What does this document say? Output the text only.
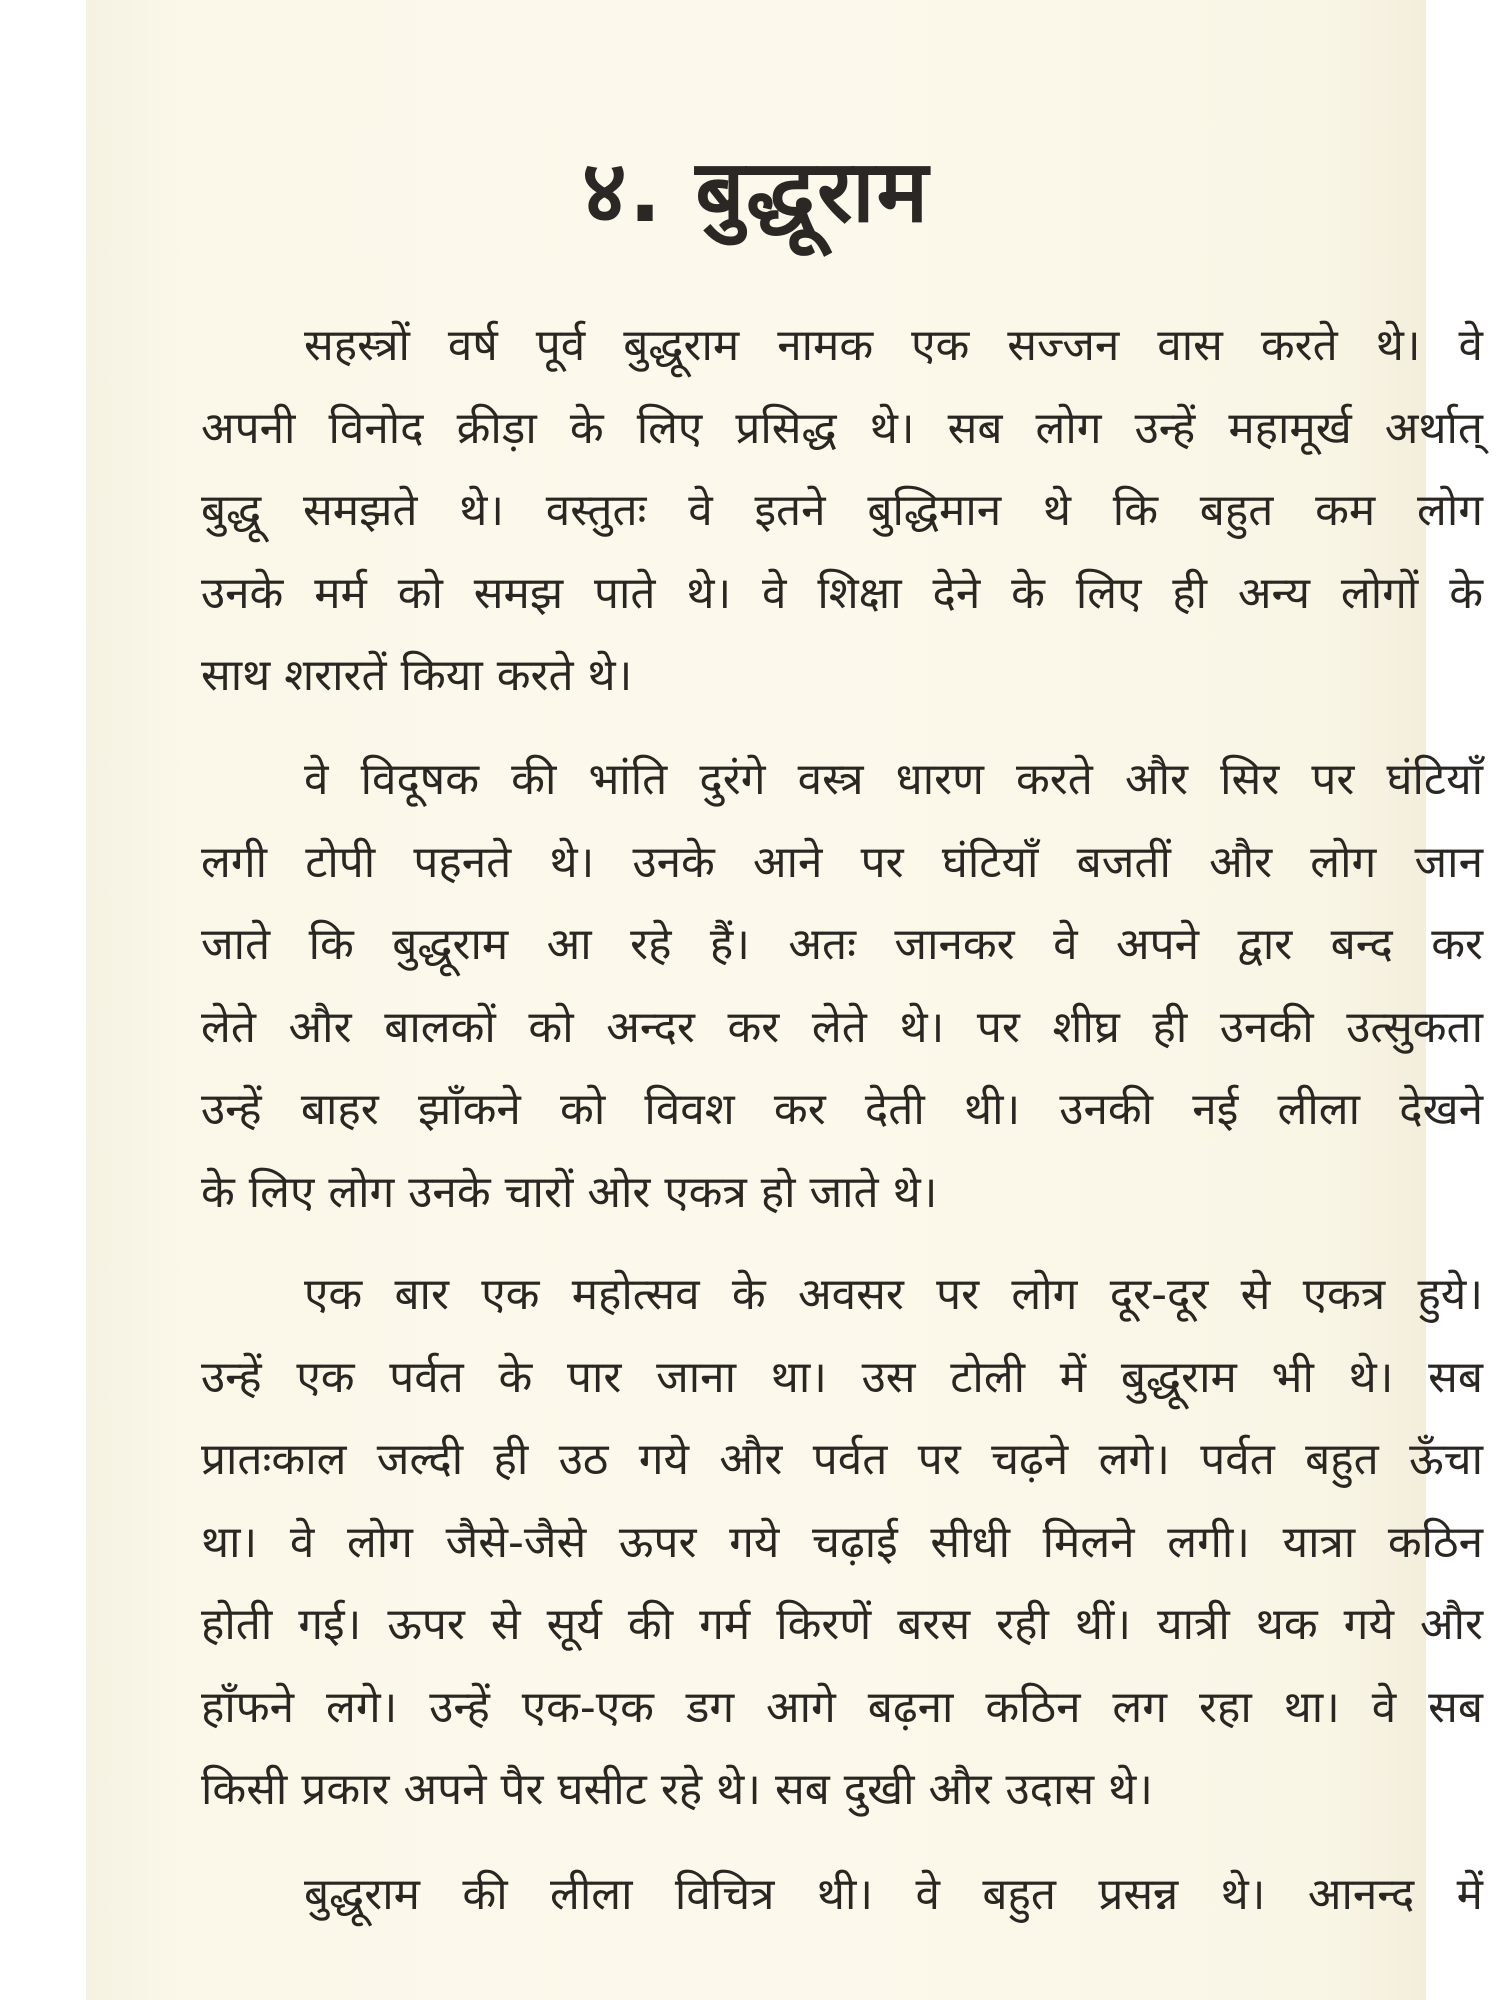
४. बुद्धूराम
सहस्त्रों वर्ष पूर्व बुद्धूराम नामक एक सज्जन वास करते थे। वे
अपनी विनोद क्रीड़ा के लिए प्रसिद्ध थे। सब लोग उन्हें महामूर्ख अर्थात्
बुद्धू समझते थे। वस्तुतः वे इतने बुद्धिमान थे कि बहुत कम लोग
उनके मर्म को समझ पाते थे। वे शिक्षा देने के लिए ही अन्य लोगों के
साथ शरारतें किया करते थे।
वे विदूषक की भांति दुरंगे वस्त्र धारण करते और सिर पर घंटियाँ
लगी टोपी पहनते थे। उनके आने पर घंटियाँ बजतीं और लोग जान
जाते कि बुद्धूराम आ रहे हैं। अतः जानकर वे अपने द्वार बन्द कर
लेते और बालकों को अन्दर कर लेते थे। पर शीघ्र ही उनकी उत्सुकता
उन्हें बाहर झाँकने को विवश कर देती थी। उनकी नई लीला देखने
के लिए लोग उनके चारों ओर एकत्र हो जाते थे।
एक बार एक महोत्सव के अवसर पर लोग दूर-दूर से एकत्र हुये।
उन्हें एक पर्वत के पार जाना था। उस टोली में बुद्धूराम भी थे। सब
प्रातःकाल जल्दी ही उठ गये और पर्वत पर चढ़ने लगे। पर्वत बहुत ऊँचा
था। वे लोग जैसे-जैसे ऊपर गये चढ़ाई सीधी मिलने लगी। यात्रा कठिन
होती गई। ऊपर से सूर्य की गर्म किरणें बरस रही थीं। यात्री थक गये और
हाँफने लगे। उन्हें एक-एक डग आगे बढ़ना कठिन लग रहा था। वे सब
किसी प्रकार अपने पैर घसीट रहे थे। सब दुखी और उदास थे।
बुद्धूराम की लीला विचित्र थी। वे बहुत प्रसन्न थे। आनन्द में
